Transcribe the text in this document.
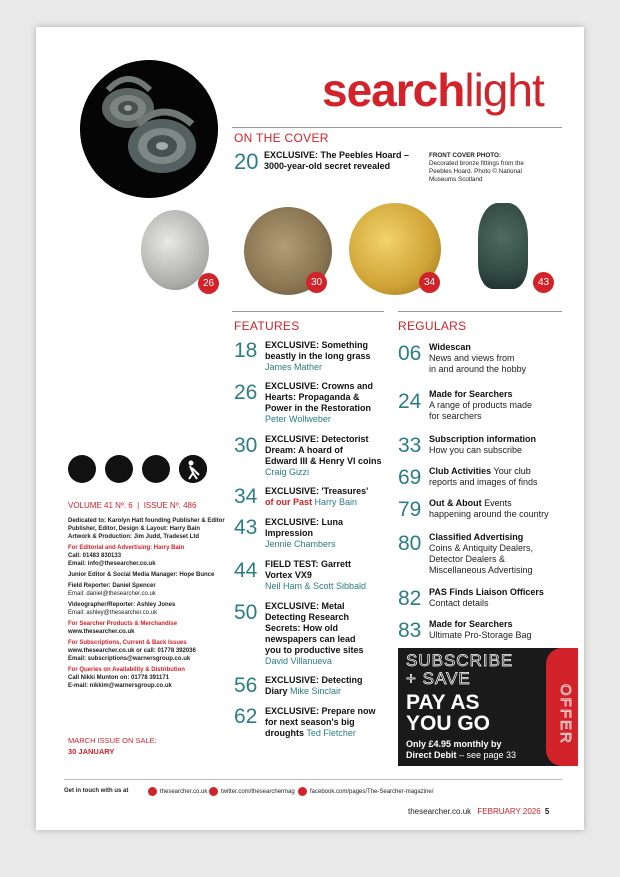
searchlight
ON THE COVER
20 EXCLUSIVE: The Peebles Hoard –
3000-year-old secret revealed
FRONT COVER PHOTO:
Decorated bronze fittings from the
Peebles Hoard. Photo © National
Museums Scotland
26	30	34	43
FEATURES	REGULARS
18 EXCLUSIVE: Something
beastly in the long grass
James Mather
26 EXCLUSIVE: Crowns and
Hearts: Propaganda &
Power in the Restoration
Peter Wollweber
30 EXCLUSIVE: Detectorist
Dream: A hoard of
Edward III & Henry VI coins
Craig Gizzi
34 EXCLUSIVE: 'Treasures'
of our Past Harry Bain
43 EXCLUSIVE: Luna
Impression
Jennie Chambers
44 FIELD TEST: Garrett
Vortex VX9
Neil Ham & Scott Sibbald
50 EXCLUSIVE: Metal
Detecting Research
Secrets: How old
newspapers can lead
you to productive sites
David Villanueva
56 EXCLUSIVE: Detecting
Diary Mike Sinclair
62 EXCLUSIVE: Prepare now
for next season's big
droughts Ted Fletcher
06 Widescan
News and views from
in and around the hobby
24 Made for Searchers
A range of products made
for searchers
33 Subscription information
How you can subscribe
69 Club Activities Your club
reports and images of finds
79 Out & About Events
happening around the country
80 Classified Advertising
Coins & Antiquity Dealers,
Detector Dealers &
Miscellaneous Advertising
82 PAS Finds Liaison Officers
Contact details
83 Made for Searchers
Ultimate Pro-Storage Bag
SUBSCRIBE
+ SAVE
PAY AS
YOU GO
Only £4.95 monthly by
Direct Debit – see page 33
OFFER
VOLUME 41 Nº. 6  |  ISSUE Nº. 486
Dedicated to: Karolyn Hatt founding Publisher & Editor
Publisher, Editor, Design & Layout: Harry Bain
Artwork & Production: Jim Judd, Tradeset Ltd
For Editorial and Advertising: Harry Bain
Call: 01483 830133
Email: info@thesearcher.co.uk
Junior Editor & Social Media Manager: Hope Bunce
Field Reporter: Daniel Spencer
Email: daniel@thesearcher.co.uk
Videographer/Reporter: Ashley Jones
Email: ashley@thesearcher.co.uk
For Searcher Products & Merchandise
www.thesearcher.co.uk
For Subscriptions, Current & Back Issues
www.thesearcher.co.uk or call: 01778 392036
Email: subscriptions@warnersgroup.co.uk
For Queries on Availability & Distribution
Call Nikki Munton on: 01778 391171
E-mail: nikkim@warnersgroup.co.uk
MARCH ISSUE ON SALE:
30 JANUARY
Get in touch with us at	thesearcher.co.uk	twitter.com/thesearchermag	facebook.com/pages/The-Searcher-magazine/
thesearcher.co.uk FEBRUARY 2026 5
